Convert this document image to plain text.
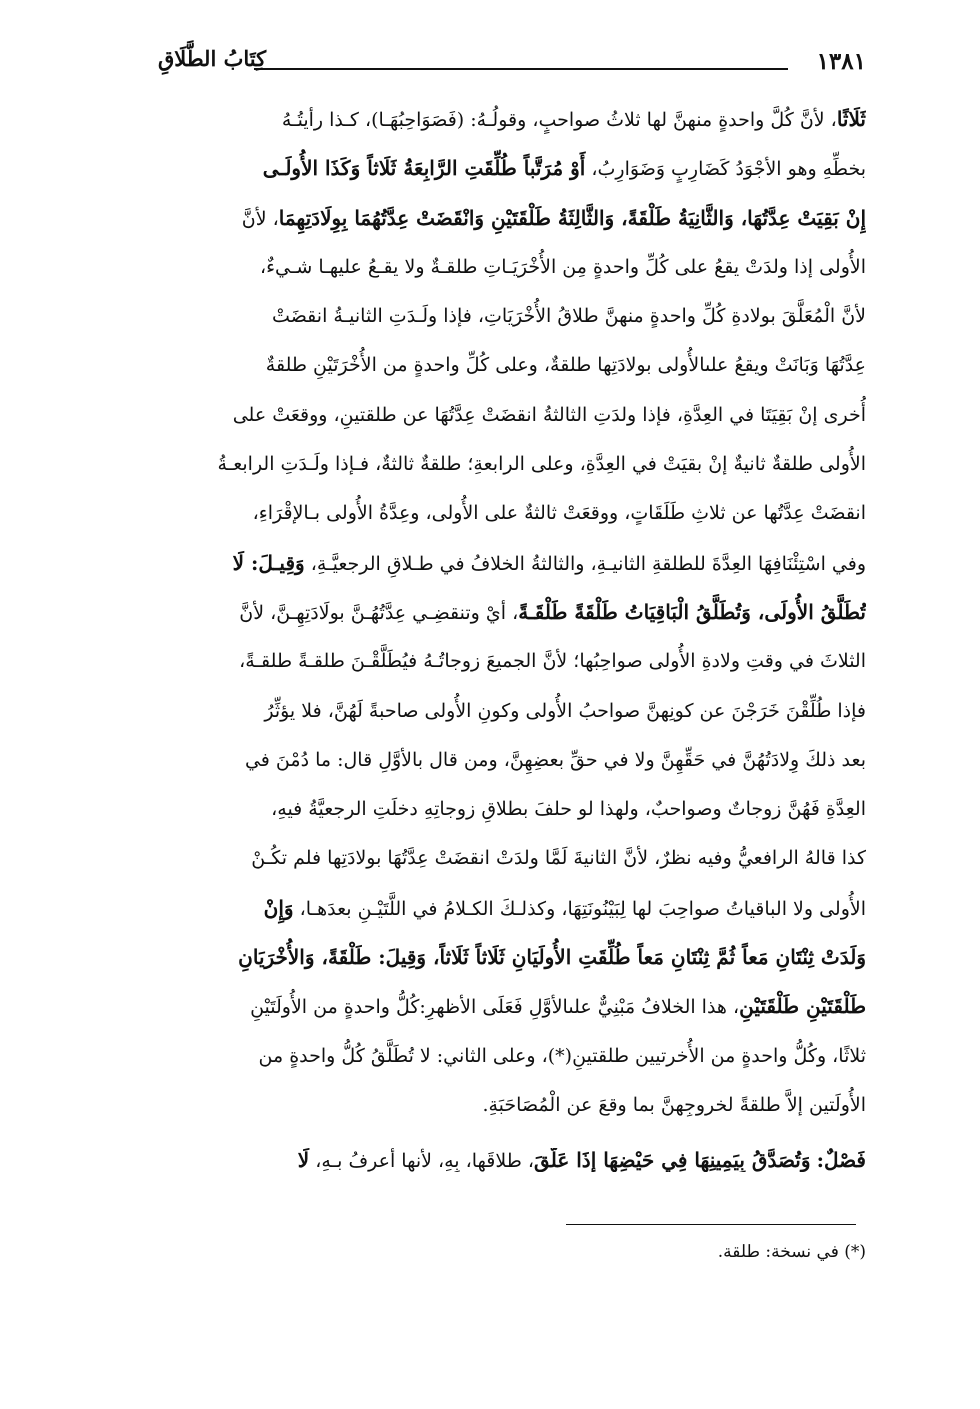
١٣٨١
كِتَابُ الطَّلَاقِ
ثَلَاثًا، لأنَّ كُلَّ واحدةٍ منهنَّ لها ثلاثُ صواحبٍ، وقولُـهُ: (فَصَوَاحِبُهَـا)، كـذا رأيتُـهُ
بخطِّهِ وهو الأجْوَدُ كَضَارِبٍ وَضَوَارِبُ، أَوْ مُرَتَّباً طُلِّقَتِ الرَّابِعَةُ ثَلَاثاً وَكَذَا الأُولَـى
إِنْ بَقِيَتْ عِدَّتُهَا، وَالثَّانِيَةُ طَلْقَةً، وَالثَّالِثَةُ طَلْقَتَيْنِ وَانْقَضَتْ عِدَّتُهُمَا بِوِلَادَتِهِمَا، لأنَّ
الأُولى إذا ولدَتْ يقعُ على كُلِّ واحدةٍ مِن الأُخْرَيَـاتِ طلقـةٌ ولا يقـعُ عليهـا شـيءٌ،
لأنَّ الْمُعَلَّقَ بولادةِ كُلِّ واحدةٍ منهنَّ طلاقُ الأُخْرَيَاتِ، فإذا ولَـدَتِ الثانيـةُ انقضَتْ
عِدَّتُهَا وَبَانَتْ ويقعُ علىالأُولى بولادَتِها طلقةٌ، وعلى كُلِّ واحدةٍ من الأُخْرَتَيْنِ طلقةٌ
أُخرى إنْ بَقِيَتَا في العِدَّةِ، فإذا ولدَتِ الثالثةُ انقضَتْ عِدَّتُهَا عن طلقتينِ، ووقعَتْ على
الأُولى طلقةٌ ثانيةٌ إنْ بقيَتْ في العِدَّةِ، وعلى الرابعةِ؛ طلقةٌ ثالثةٌ، فـإذا ولَـدَتِ الرابعـةُ
انقضَتْ عِدَّتُها عن ثلاثِ طَلَقَاتٍ، ووقعَتْ ثالثةٌ على الأُولى، وعِدَّةُ الأُولى بـالإقْرَاءِ،
وفي اسْتِئْنَافِهَا العِدَّةَ للطلقةِ الثانيـةِ، والثالثةُ الخلافُ في طـلاقِ الرجعيَّـةِ، وَقِيـلَ: لَا
تُطَلَّقُ الأُولَى، وَتُطَلَّقُ الْبَاقِيَاتُ طَلْقَةً طَلْقَـةً، أيْ وتنقضِـي عِدَّتُهُـنَّ بولَادَتِهِـنَّ، لأنَّ
الثلاثَ في وقتِ ولادةِ الأُولى صواحِبُها؛ لأنَّ الجميعَ زوجاتُـهُ فيُطَلَّقْـنَ طلقـةً طلقـةً،
فإذا طُلِّقْنَ خَرَجْنَ عن كونِهنَّ صواحبُ الأُولى وكونِ الأُولى صاحبةً لَهُنَّ، فلا يؤثِّرُ
بعد ذلكَ وِلادَتُهُنَّ في حَقِّهِنَّ ولا في حقِّ بعضِهِنَّ، ومن قال بالأوَّلِ قال: ما دُمْنَ في
العِدَّةِ فَهُنَّ زوجاتٌ وصواحبٌ، ولهذا لو حلفَ بطلاقِ زوجاتِهِ دخلَتِ الرجعيَّةُ فيهِ،
كذا قالهُ الرافعيُّ وفيه نظرٌ، لأنَّ الثانيةَ لَمَّا ولدَتْ انقضَتْ عِدَّتُهَا بولادَتِها فلم تكُـنْ
الأُولى ولا الباقياتُ صواحِبَ لها لِبَيْنُونَتِهَا، وكذلـكَ الكـلامُ في اللَّتَيْـنِ بعدَهـا، وَإِنْ
وَلَدَتْ ثِنْتَانِ مَعاً ثُمَّ ثِنْتَانِ مَعاً طُلِّقَتِ الأُولَيَانِ ثَلَاثاً ثَلَاثاً، وَقِيلَ: طَلْقَةً، وَالأُخْرَيَانِ
طَلْقَتَيْنِ طَلْقَتَيْنِ، هذا الخلافُ مَبْنِيٌّ علىالأوَّلِ فَعَلَى الأظهرِ:كُلُّ واحدةٍ من الأُولَتَيْنِ
ثلاثًا، وكُلُّ واحدةٍ من الأُخرتيين طلقتينِ(*)، وعلى الثاني: لا تُطَلَّقُ كُلُّ واحدةٍ من
الأُولَتين إلاَّ طلقةً لخروجِهنَّ بما وقعَ عن الْمُصَاحَبَةِ.
فَصْلٌ: وَتُصَدَّقُ بِيَمِينِهَا فِي حَيْضِهَا إِذَا عَلَّقَ، طلاقَها، بِهِ، لأنها أعرفُ بـهِ، لَا
(*) في نسخة: طلقة.
